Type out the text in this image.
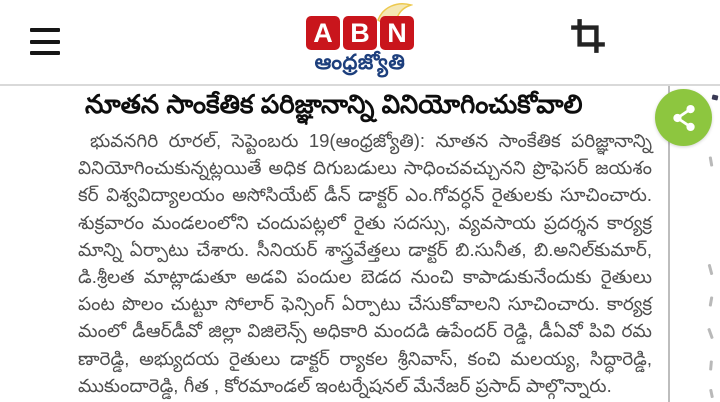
A B N
ఆంధ్రజ్యోతి
నూతన సాంకేతిక పరిజ్ఞానాన్ని వినియోగించుకోవాలి
భువనగిరి రూరల్, సెప్టెంబరు 19(ఆంధ్రజ్యోతి): నూతన సాంకేతిక పరిజ్ఞానాన్ని
వినియోగించుకున్నట్లయితే అధిక దిగుబడులు సాధించవచ్చునని ప్రొఫెసర్ జయశం
కర్ విశ్వవిద్యాలయం అసోసియేట్ డీన్ డాక్టర్ ఎం.గోవర్ధన్ రైతులకు సూచించారు.
శుక్రవారం మండలంలోని చందుపట్లలో రైతు సదస్సు, వ్యవసాయ ప్రదర్శన కార్యక్ర
మాన్ని ఏర్పాటు చేశారు. సీనియర్ శాస్త్రవేత్తలు డాక్టర్ బి.సునీత, బి.అనిల్‌కుమార్,
డి.శ్రీలత మాట్లాడుతూ అడవి పందుల బెడద నుంచి కాపాడుకునేందుకు రైతులు
పంట పొలం చుట్టూ సోలార్ ఫెన్సింగ్ ఏర్పాటు చేసుకోవాలని సూచించారు. కార్యక్ర
మంలో డీఆర్‌డీవో జిల్లా విజిలెన్స్ అధికారి మందడి ఉపేందర్ రెడ్డి, డీఏవో పివి రమ
ణారెడ్డి, అభ్యుదయ రైతులు డాక్టర్ ర్యాకల శ్రీనివాస్, కంచి మలయ్య, సిద్ధారెడ్డి,
ముకుందారెడ్డి, గీత , కోరమాండల్ ఇంటర్నేషనల్ మేనేజర్ ప్రసాద్ పాల్గొన్నారు.
